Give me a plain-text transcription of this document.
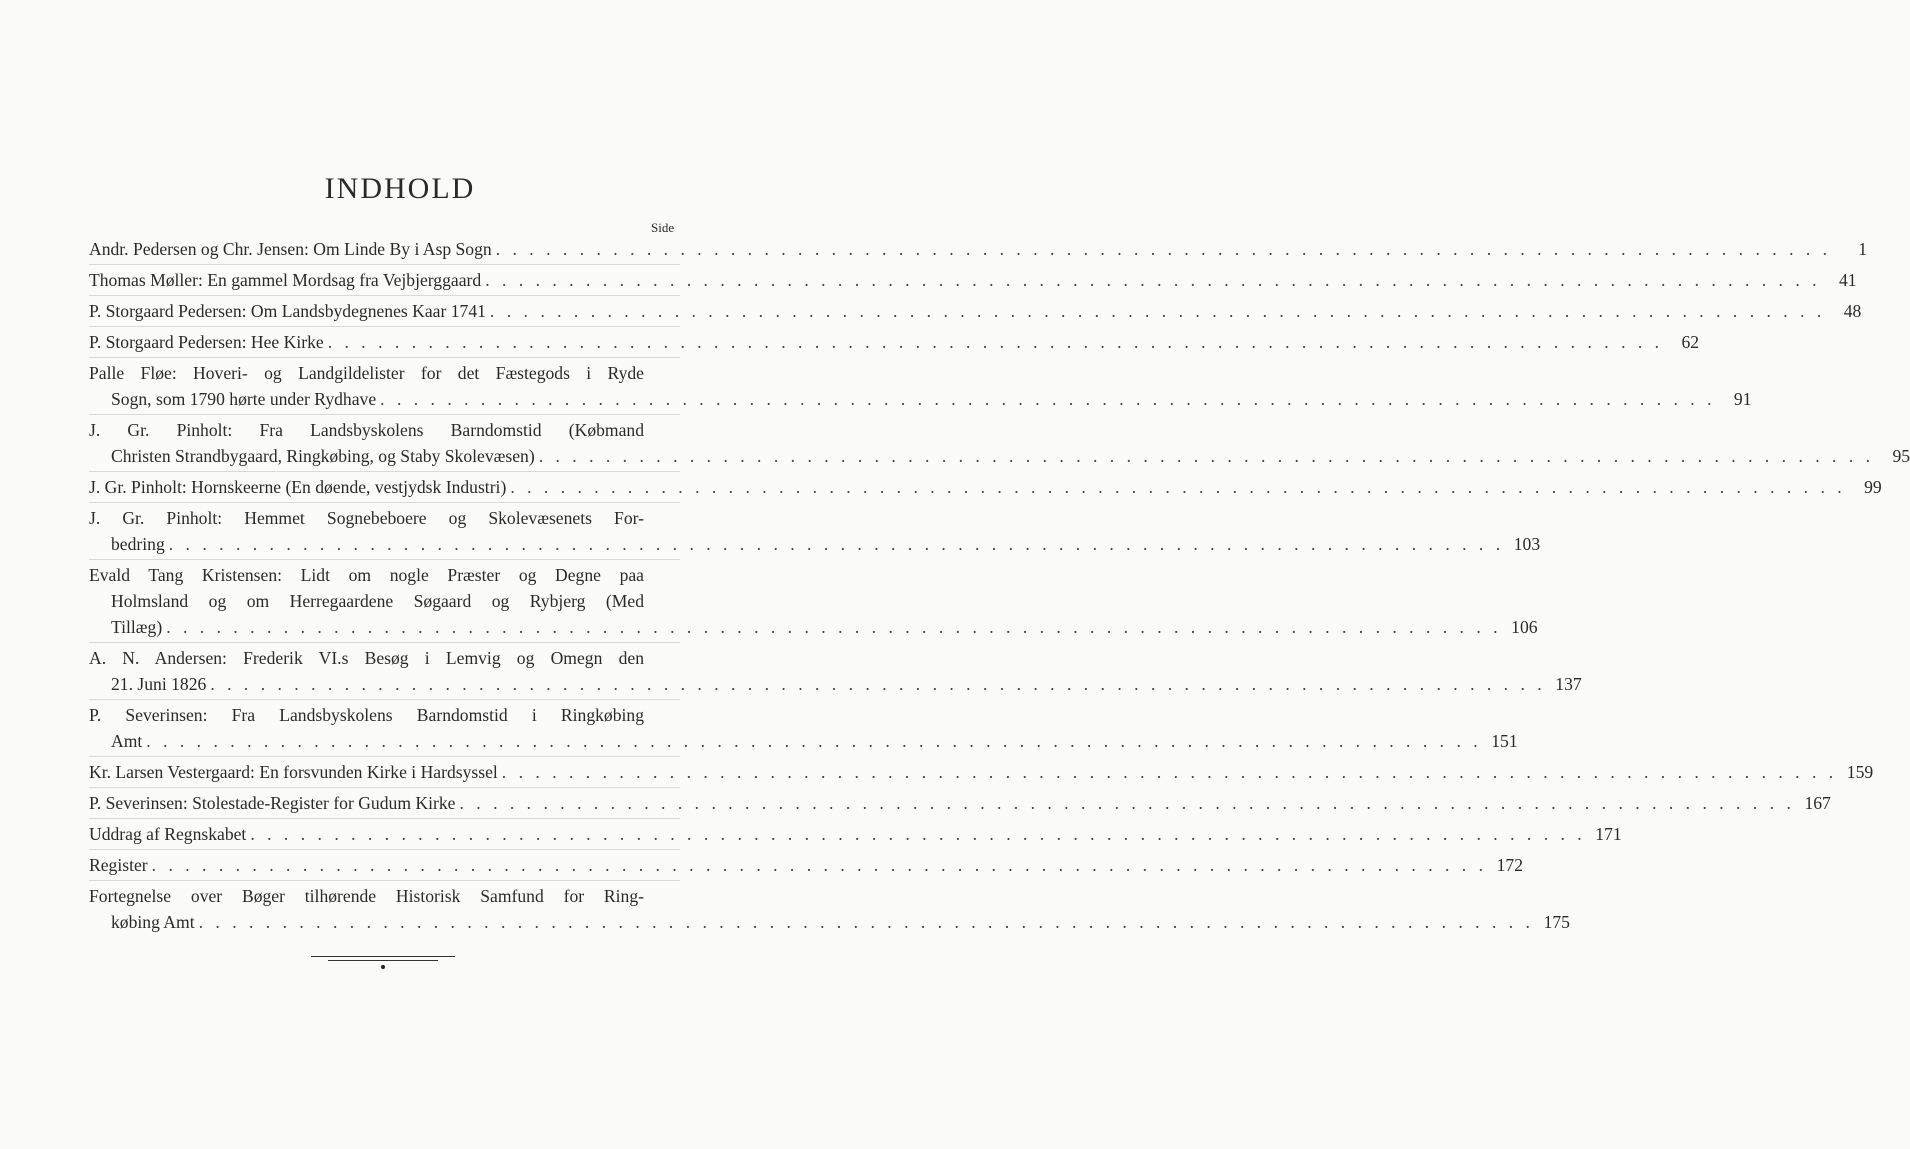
INDHOLD
Side
Andr. Pedersen og Chr. Jensen: Om Linde By i Asp Sogn . . . . . . . . . . . . . . . . . . . . . . . . . . . . . . . . . . . . . . . . . . . . . . . . . . . . . . . . . . . . . . . . . . . . . . . . . . . . . . . .	1
Thomas Møller: En gammel Mordsag fra Vejbjerggaard . . . . . . . . . . . . . . . . . . . . . . . . . . . . . . . . . . . . . . . . . . . . . . . . . . . . . . . . . . . . . . . . . . . . . . . . . . . . . . . .	41
P. Storgaard Pedersen: Om Landsbydegnenes Kaar 1741 . . . . . . . . . . . . . . . . . . . . . . . . . . . . . . . . . . . . . . . . . . . . . . . . . . . . . . . . . . . . . . . . . . . . . . . . . . . . . . . .	48
P. Storgaard Pedersen: Hee Kirke . . . . . . . . . . . . . . . . . . . . . . . . . . . . . . . . . . . . . . . . . . . . . . . . . . . . . . . . . . . . . . . . . . . . . . . . . . . . . . . .	62
Palle Fløe: Hoveri- og Landgildelister for det Fæstegods i Ryde
Sogn, som 1790 hørte under Rydhave . . . . . . . . . . . . . . . . . . . . . . . . . . . . . . . . . . . . . . . . . . . . . . . . . . . . . . . . . . . . . . . . . . . . . . . . . . . . . . . .	91
J. Gr. Pinholt: Fra Landsbyskolens Barndomstid (Købmand
Christen Strandbygaard, Ringkøbing, og Staby Skolevæsen) . . . . . . . . . . . . . . . . . . . . . . . . . . . . . . . . . . . . . . . . . . . . . . . . . . . . . . . . . . . . . . . . . . . . . . . . . . . . . . . .	95
J. Gr. Pinholt: Hornskeerne (En døende, vestjydsk Industri) . . . . . . . . . . . . . . . . . . . . . . . . . . . . . . . . . . . . . . . . . . . . . . . . . . . . . . . . . . . . . . . . . . . . . . . . . . . . . . . .	99
J. Gr. Pinholt: Hemmet Sognebeboere og Skolevæsenets For-
bedring . . . . . . . . . . . . . . . . . . . . . . . . . . . . . . . . . . . . . . . . . . . . . . . . . . . . . . . . . . . . . . . . . . . . . . . . . . . . . . . . 103
Evald Tang Kristensen: Lidt om nogle Præster og Degne paa
Holmsland og om Herregaardene Søgaard og Rybjerg (Med
Tillæg) . . . . . . . . . . . . . . . . . . . . . . . . . . . . . . . . . . . . . . . . . . . . . . . . . . . . . . . . . . . . . . . . . . . . . . . . . . . . . . . . 106
A. N. Andersen: Frederik VI.s Besøg i Lemvig og Omegn den
21. Juni 1826 . . . . . . . . . . . . . . . . . . . . . . . . . . . . . . . . . . . . . . . . . . . . . . . . . . . . . . . . . . . . . . . . . . . . . . . . . . . . . . . . 137
P. Severinsen: Fra Landsbyskolens Barndomstid i Ringkøbing
Amt . . . . . . . . . . . . . . . . . . . . . . . . . . . . . . . . . . . . . . . . . . . . . . . . . . . . . . . . . . . . . . . . . . . . . . . . . . . . . . . . 151
Kr. Larsen Vestergaard: En forsvunden Kirke i Hardsyssel . . . . . . . . . . . . . . . . . . . . . . . . . . . . . . . . . . . . . . . . . . . . . . . . . . . . . . . . . . . . . . . . . . . . . . . . . . . . . . . . 159
P. Severinsen: Stolestade-Register for Gudum Kirke . . . . . . . . . . . . . . . . . . . . . . . . . . . . . . . . . . . . . . . . . . . . . . . . . . . . . . . . . . . . . . . . . . . . . . . . . . . . . . . . 167
Uddrag af Regnskabet . . . . . . . . . . . . . . . . . . . . . . . . . . . . . . . . . . . . . . . . . . . . . . . . . . . . . . . . . . . . . . . . . . . . . . . . . . . . . . . . 171
Register . . . . . . . . . . . . . . . . . . . . . . . . . . . . . . . . . . . . . . . . . . . . . . . . . . . . . . . . . . . . . . . . . . . . . . . . . . . . . . . . 172
Fortegnelse over Bøger tilhørende Historisk Samfund for Ring-
købing Amt . . . . . . . . . . . . . . . . . . . . . . . . . . . . . . . . . . . . . . . . . . . . . . . . . . . . . . . . . . . . . . . . . . . . . . . . . . . . . . . . 175
